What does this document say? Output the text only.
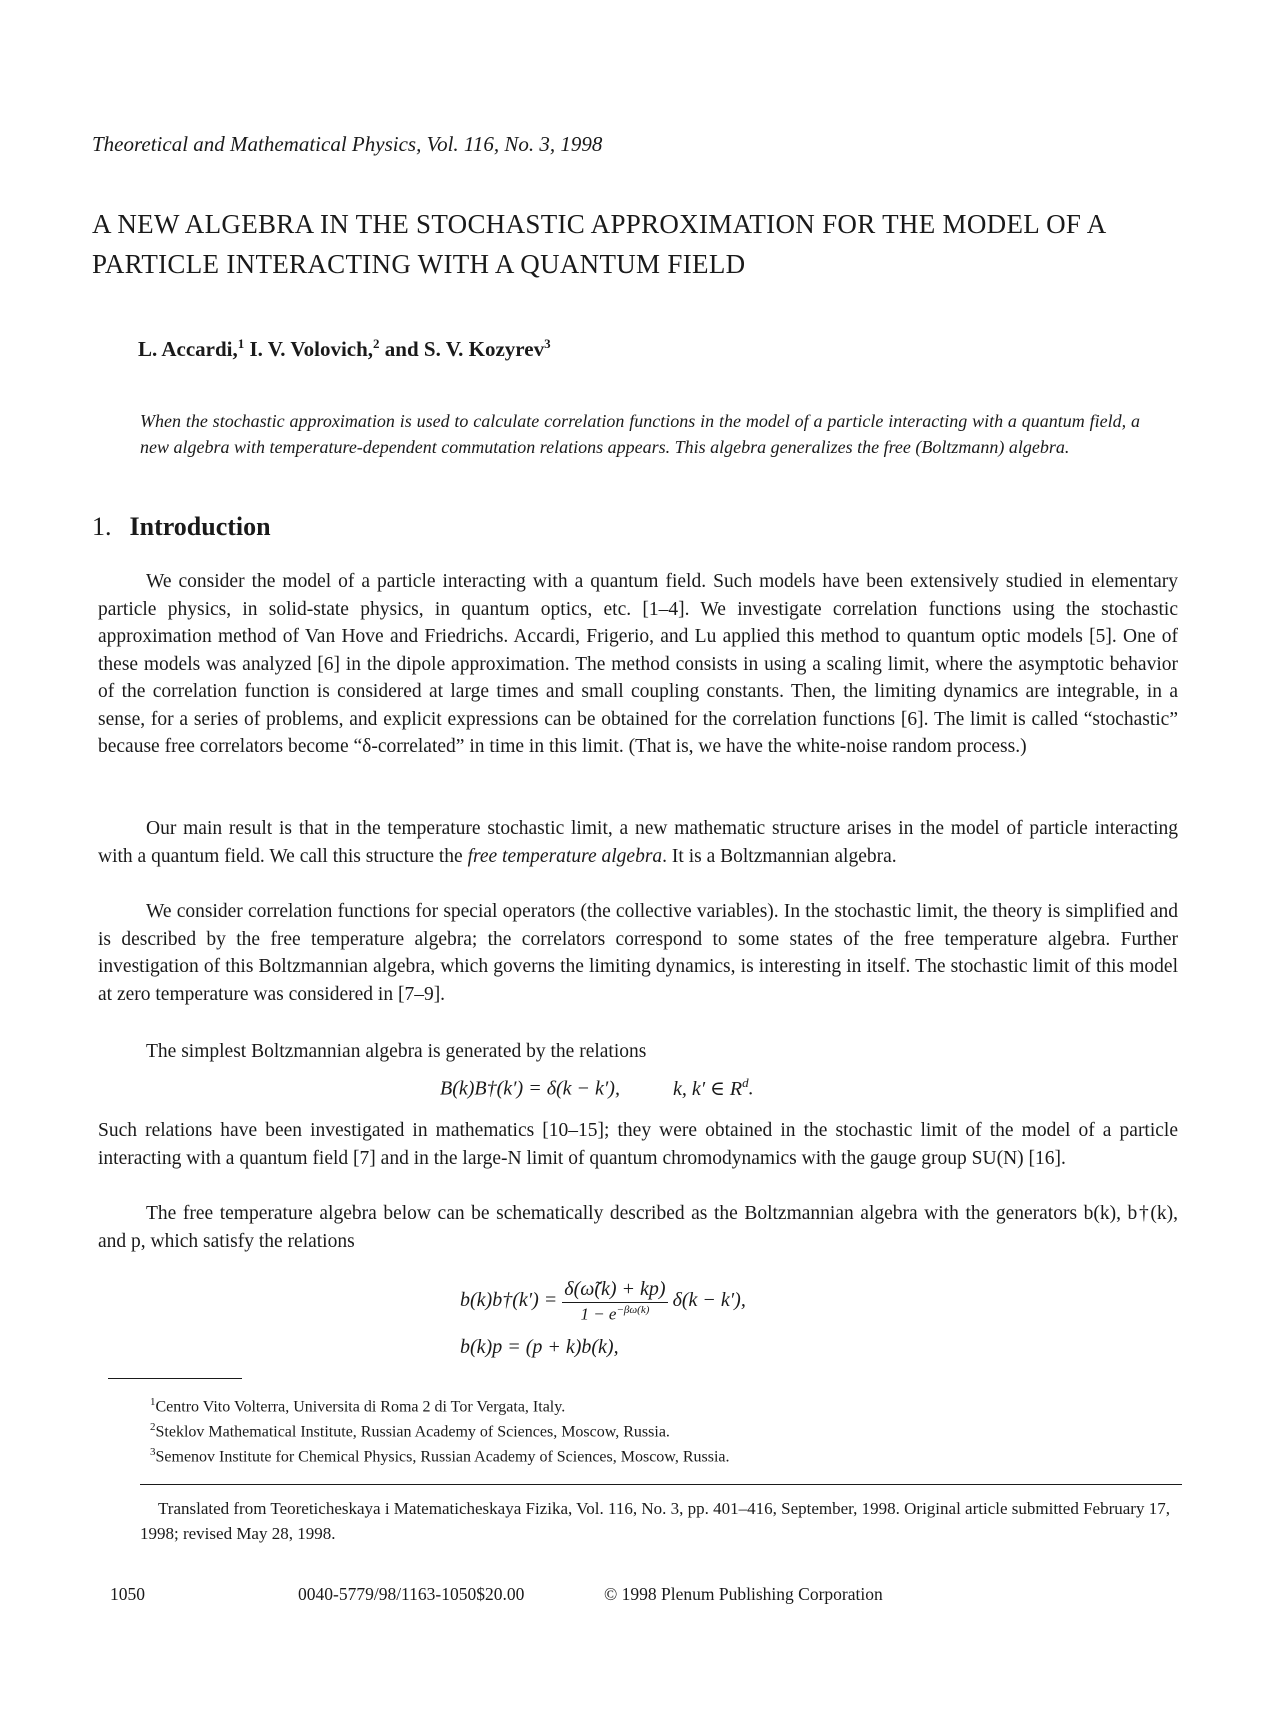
Theoretical and Mathematical Physics, Vol. 116, No. 3, 1998
A NEW ALGEBRA IN THE STOCHASTIC APPROXIMATION FOR THE MODEL OF A PARTICLE INTERACTING WITH A QUANTUM FIELD
L. Accardi,$^1$ I. V. Volovich,$^2$ and S. V. Kozyrev$^3$

When the stochastic approximation is used to calculate correlation functions in the model of a particle interacting with a quantum field, a new algebra with temperature-dependent commutation relations appears. This algebra generalizes the free (Boltzmann) algebra.

1. Introduction

We consider the model of a particle interacting with a quantum field. Such models have been extensively studied in elementary particle physics, in solid-state physics, in quantum optics, etc. [1–4]. We investigate correlation functions using the stochastic approximation method of Van Hove and Friedrichs. Accardi, Frigerio, and Lu applied this method to quantum optic models [5]. One of these models was analyzed [6] in the dipole approximation. The method consists in using a scaling limit, where the asymptotic behavior of the correlation function is considered at large times and small coupling constants. Then, the limiting dynamics are integrable, in a sense, for a series of problems, and explicit expressions can be obtained for the correlation functions [6]. The limit is called “stochastic” because free correlators become “δ-correlated” in time in this limit. (That is, we have the white-noise random process.)

Our main result is that in the temperature stochastic limit, a new mathematic structure arises in the model of particle interacting with a quantum field. We call this structure the free temperature algebra. It is a Boltzmannian algebra.

We consider correlation functions for special operators (the collective variables). In the stochastic limit, the theory is simplified and is described by the free temperature algebra; the correlators correspond to some states of the free temperature algebra. Further investigation of this Boltzmannian algebra, which governs the limiting dynamics, is interesting in itself. The stochastic limit of this model at zero temperature was considered in [7–9].

The simplest Boltzmannian algebra is generated by the relations

B(k)B†(k′) = δ(k − k′),	k, k′ ∈ $R^d$.

Such relations have been investigated in mathematics [10–15]; they were obtained in the stochastic limit of the model of a particle interacting with a quantum field [7] and in the large-N limit of quantum chromodynamics with the gauge group SU(N) [16].

The free temperature algebra below can be schematically described as the Boltzmannian algebra with the generators b(k), b†(k), and p, which satisfy the relations

b(k)b†(k′) = $\frac{\delta(\omegã(k) + kp)}{1 - e^{-\beta\omega(k)}} \delta(k - k')$,
b(k)p = (p + k)b(k),
$^1$Centro Vito Volterra, Universita di Roma 2 di Tor Vergata, Italy.
$^2$Steklov Mathematical Institute, Russian Academy of Sciences, Moscow, Russia.
$^3$Semenov Institute for Chemical Physics, Russian Academy of Sciences, Moscow, Russia.

Translated from Teoreticheskaya i Matematicheskaya Fizika, Vol. 116, No. 3, pp. 401–416, September, 1998. Original article submitted February 17, 1998; revised May 28, 1998.

1050	0040-5779/98/1163-1050$20.00	© 1998 Plenum Publishing Corporation
